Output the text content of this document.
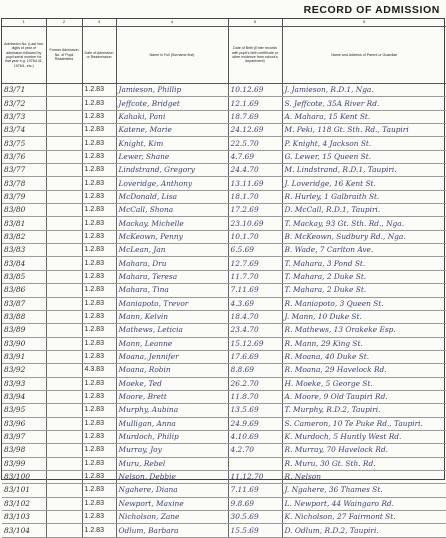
RECORD OF ADMISSION
1	2	3	4	5	6
Admission No. (Last four digits of year of admission followed by pupil serial number for that year e.g. 1976/141, 1976/1, etc.)	Former Admission No. of Pupil Readmitted	Date of Admission or Readmission	Name in Full (Surname first)	Date of Birth (Enter records with pupil's birth certificate or other evidence from school's department)	Name and Address of Parent or Guardian
83/71		1.2.83	Jamieson, Phillip	10.12.69	J. Jamieson, R.D.1, Nga.
83/72		1.2.83	Jeffcote, Bridget	12.1.69	S. Jeffcote, 35A River Rd.
83/73		1.2.83	Kahaki, Pani	18.7.69	A. Mahara, 15 Kent St.
83/74		1.2.83	Katene, Marie	24.12.69	M. Peki, 118 Gt. Sth. Rd., Taupiri
83/75		1.2.83	Knight, Kim	22.5.70	P. Knight, 4 Jackson St.
83/76		1.2.83	Lewer, Shane	4.7.69	G. Lewer, 15 Queen St.
83/77		1.2.83	Lindstrand, Gregory	24.4.70	M. Lindstrand, R.D.1, Taupiri.
83/78		1.2.83	Loveridge, Anthony	13.11.69	J. Loveridge, 16 Kent St.
83/79		1.2.83	McDonald, Lisa	18.1.70	R. Hurley, 1 Galbraith St.
83/80		1.2.83	McCall, Shona	17.2.69	D. McCall, R.D.1, Taupiri.
83/81		1.2.83	Mackay, Michelle	23.10.69	T. Mackay, 93 Gt. Sth. Rd., Nga.
83/82		1.2.83	McKeown, Penny	10.1.70	B. McKeown, Sudbury Rd., Nga.
83/83		1.2.83	McLean, Jan	6.5.69	B. Wade, 7 Carlton Ave.
83/84		1.2.83	Mahara, Dru	12.7.69	T. Mahara, 3 Pond St.
83/85		1.2.83	Mahara, Teresa	11.7.70	T. Mahara, 2 Duke St.
83/86		1.2.83	Mahara, Tina	7.11.69	T. Mahara, 2 Duke St.
83/87		1.2.83	Maniapoto, Trevor	4.3.69	R. Maniapoto, 3 Queen St.
83/88		1.2.83	Mann, Kelvin	18.4.70	J. Mann, 10 Duke St.
83/89		1.2.83	Mathews, Leticia	23.4.70	R. Mathews, 13 Orakeke Esp.
83/90		1.2.83	Mann, Leanne	15.12.69	R. Mann, 29 King St.
83/91		1.2.83	Moana, Jennifer	17.6.69	R. Moana, 40 Duke St.
83/92		4.3.83	Moana, Robin	8.8.69	R. Moana, 29 Havelock Rd.
83/93		1.2.83	Moeke, Ted	26.2.70	H. Moeke, 5 George St.
83/94		1.2.83	Moore, Brett	11.8.70	A. Moore, 9 Old Taupiri Rd.
83/95		1.2.83	Murphy, Aubina	13.5.69	T. Murphy, R.D.2, Taupiri.
83/96		1.2.83	Mulligan, Anna	24.9.69	S. Cameron, 10 Te Puke Rd., Taupiri.
83/97		1.2.83	Murdoch, Philip	4.10.69	K. Murdoch, 5 Huntly West Rd.
83/98		1.2.83	Murray, Joy	4.2.70	R. Murray, 70 Havelock Rd.
83/99		1.2.83	Muru, Rebel		R. Muru, 30 Gt. Sth. Rd.
83/100		1.2.83	Nelson, Debbie	11.12.70	R. Nelson
83/101		1.2.83	Ngahere, Diana	7.11.69	J. Ngahere, 36 Thames St.
83/102		1.2.83	Newport, Maxine	9.8.69	L. Newport, 44 Waingaro Rd.
83/103		1.2.83	Nicholson, Zane	30.5.69	K. Nicholson, 27 Fairmont St.
83/104		1.2.83	Odlum, Barbara	15.5.69	D. Odlum, R.D.2, Taupiri.
